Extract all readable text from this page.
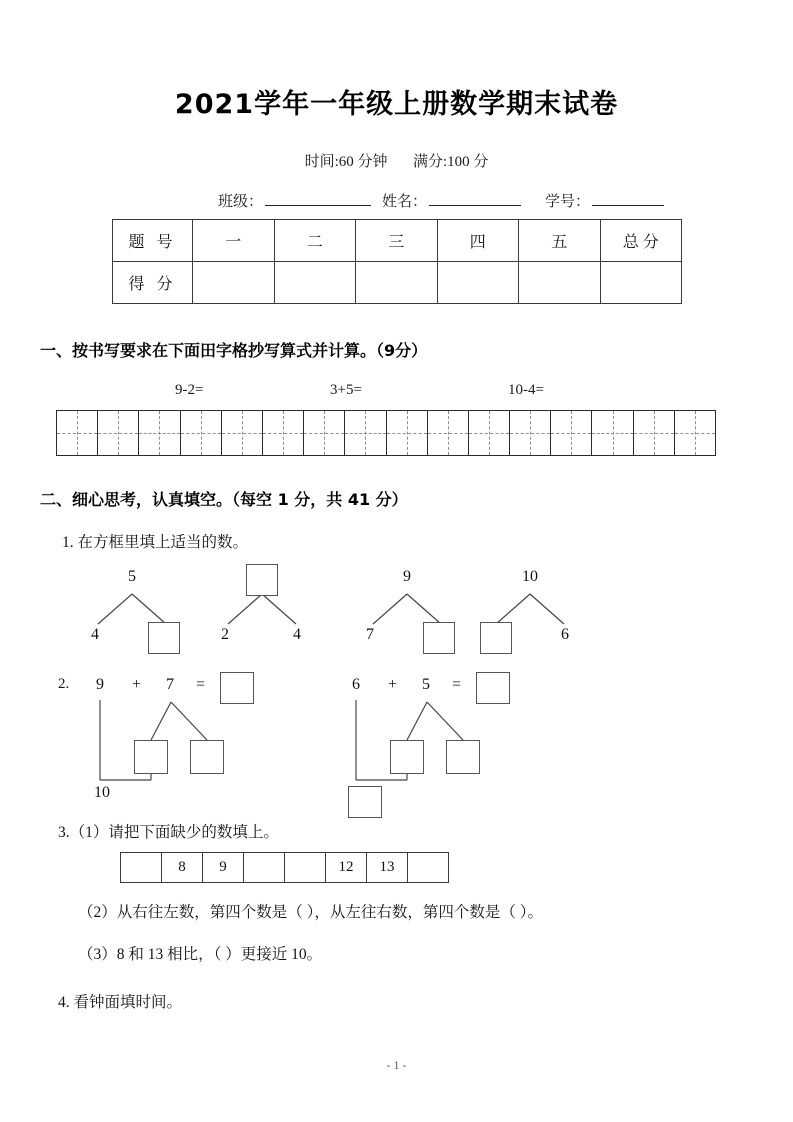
2021学年一年级上册数学期末试卷
时间:60 分钟 满分:100 分
班级：	姓名：	学号：
题 号	一	二	三	四	五	总 分
得 分						
一、按书写要求在下面田字格抄写算式并计算。（9分）
9-2=	3+5=	10-4=
二、细心思考，认真填空。（每空 1 分，共 41 分）
1. 在方框里填上适当的数。
5
4	2	4
9
7
10
6
2. 9 + 7 =
10
6 + 5 =
3.（1）请把下面缺少的数填上。
8	9	12	13
（2）从右往左数，第四个数是（ ），从左往右数，第四个数是（ ）。
（3）8 和 13 相比，（ ）更接近 10。
4. 看钟面填时间。
- 1 -
